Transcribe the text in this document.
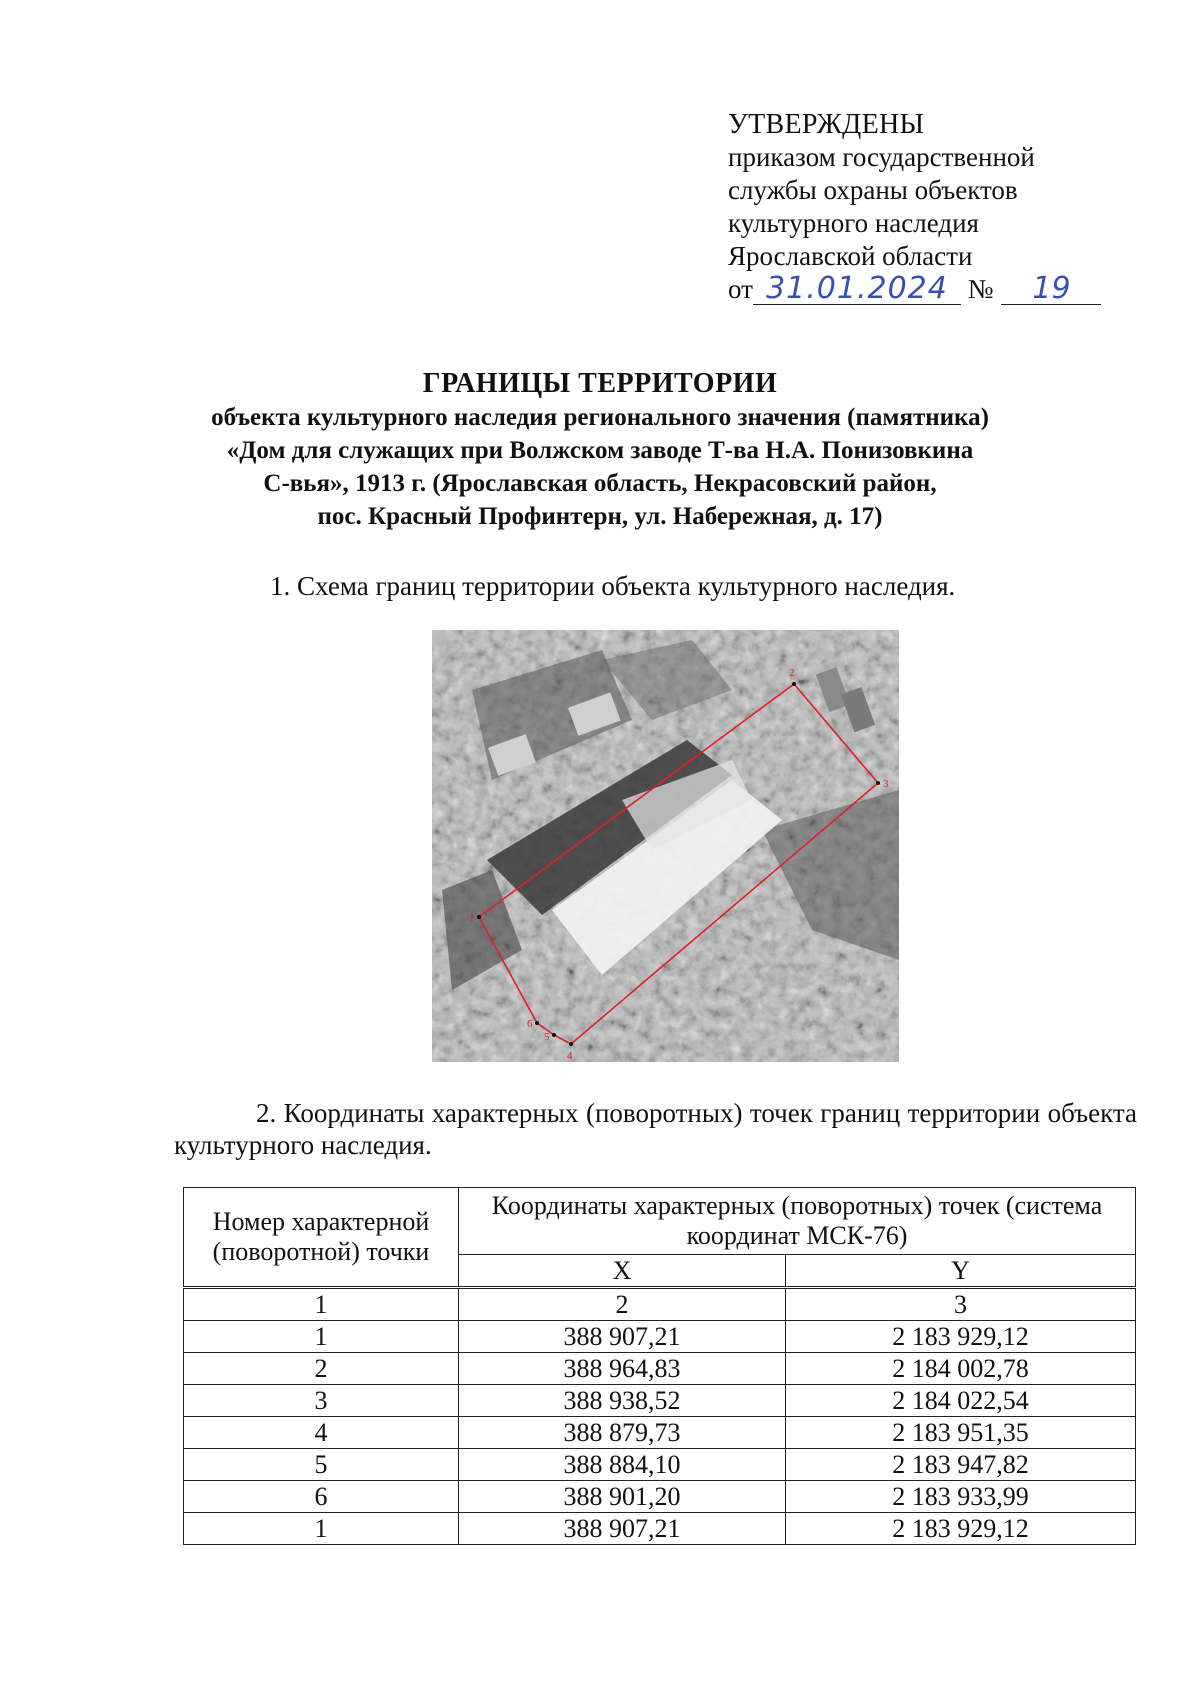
УТВЕРЖДЕНЫ
приказом государственной
службы охраны объектов
культурного наследия
Ярославской области
от 31.01.2024 № 19
ГРАНИЦЫ ТЕРРИТОРИИ
объекта культурного наследия регионального значения (памятника)
«Дом для служащих при Волжском заводе Т-ва Н.А. Понизовкина
С-вья», 1913 г. (Ярославская область, Некрасовский район,
пос. Красный Профинтерн, ул. Набережная, д. 17)
1. Схема границ территории объекта культурного наследия.
1
2
3
4
5
6
2. Координаты характерных (поворотных) точек границ территории объекта культурного наследия.
Номер характерной (поворотной) точки	Координаты характерных (поворотных) точек (система координат МСК-76)	
	X	Y
1	2	3
1	388 907,21	2 183 929,12
2	388 964,83	2 184 002,78
3	388 938,52	2 184 022,54
4	388 879,73	2 183 951,35
5	388 884,10	2 183 947,82
6	388 901,20	2 183 933,99
1	388 907,21	2 183 929,12
